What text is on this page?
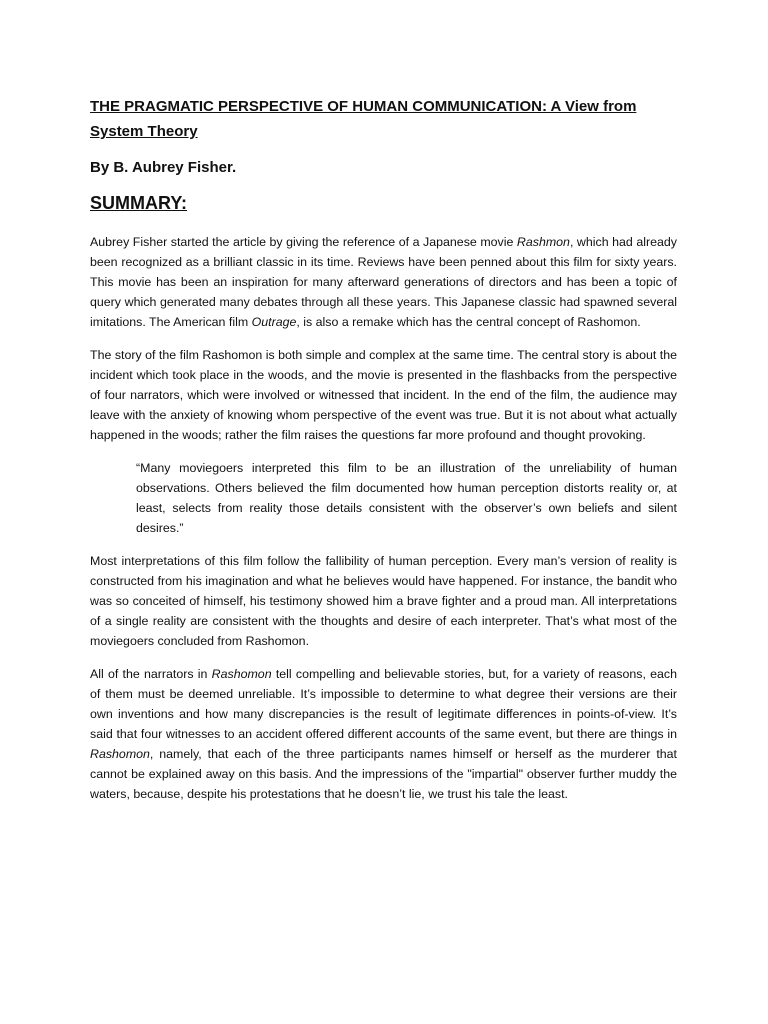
THE PRAGMATIC PERSPECTIVE OF HUMAN COMMUNICATION: A View from System Theory
By B. Aubrey Fisher.
SUMMARY:

Aubrey Fisher started the article by giving the reference of a Japanese movie Rashmon, which had already been recognized as a brilliant classic in its time. Reviews have been penned about this film for sixty years. This movie has been an inspiration for many afterward generations of directors and has been a topic of query which generated many debates through all these years. This Japanese classic had spawned several imitations. The American film Outrage, is also a remake which has the central concept of Rashomon.

The story of the film Rashomon is both simple and complex at the same time. The central story is about the incident which took place in the woods, and the movie is presented in the flashbacks from the perspective of four narrators, which were involved or witnessed that incident. In the end of the film, the audience may leave with the anxiety of knowing whom perspective of the event was true. But it is not about what actually happened in the woods; rather the film raises the questions far more profound and thought provoking.

“Many moviegoers interpreted this film to be an illustration of the unreliability of human observations. Others believed the film documented how human perception distorts reality or, at least, selects from reality those details consistent with the observer’s own beliefs and silent desires.”

Most interpretations of this film follow the fallibility of human perception. Every man’s version of reality is constructed from his imagination and what he believes would have happened. For instance, the bandit who was so conceited of himself, his testimony showed him a brave fighter and a proud man. All interpretations of a single reality are consistent with the thoughts and desire of each interpreter. That’s what most of the moviegoers concluded from Rashomon.

All of the narrators in Rashomon tell compelling and believable stories, but, for a variety of reasons, each of them must be deemed unreliable. It’s impossible to determine to what degree their versions are their own inventions and how many discrepancies is the result of legitimate differences in points-of-view. It’s said that four witnesses to an accident offered different accounts of the same event, but there are things in Rashomon, namely, that each of the three participants names himself or herself as the murderer that cannot be explained away on this basis. And the impressions of the "impartial" observer further muddy the waters, because, despite his protestations that he doesn’t lie, we trust his tale the least.
